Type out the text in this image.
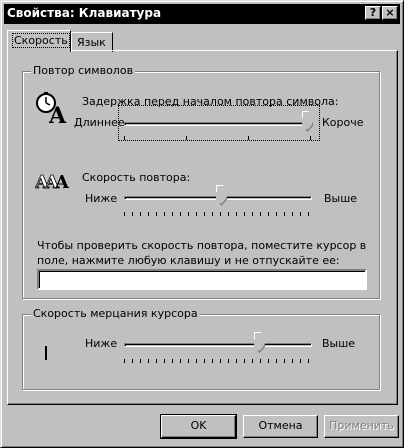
Свойства: Клавиатура	? ×
Скорость Язык
Повтор символов
A
Задержка перед началом повтора символа:
Длиннее	Короче
A
A
A Скорость повтора:
Ниже	Выше
Чтобы проверить скорость повтора, поместите курсор в поле, нажмите любую клавишу и не отпускайте ее:
Скорость мерцания курсора
Ниже	Выше
OK	Отмена	Применить
